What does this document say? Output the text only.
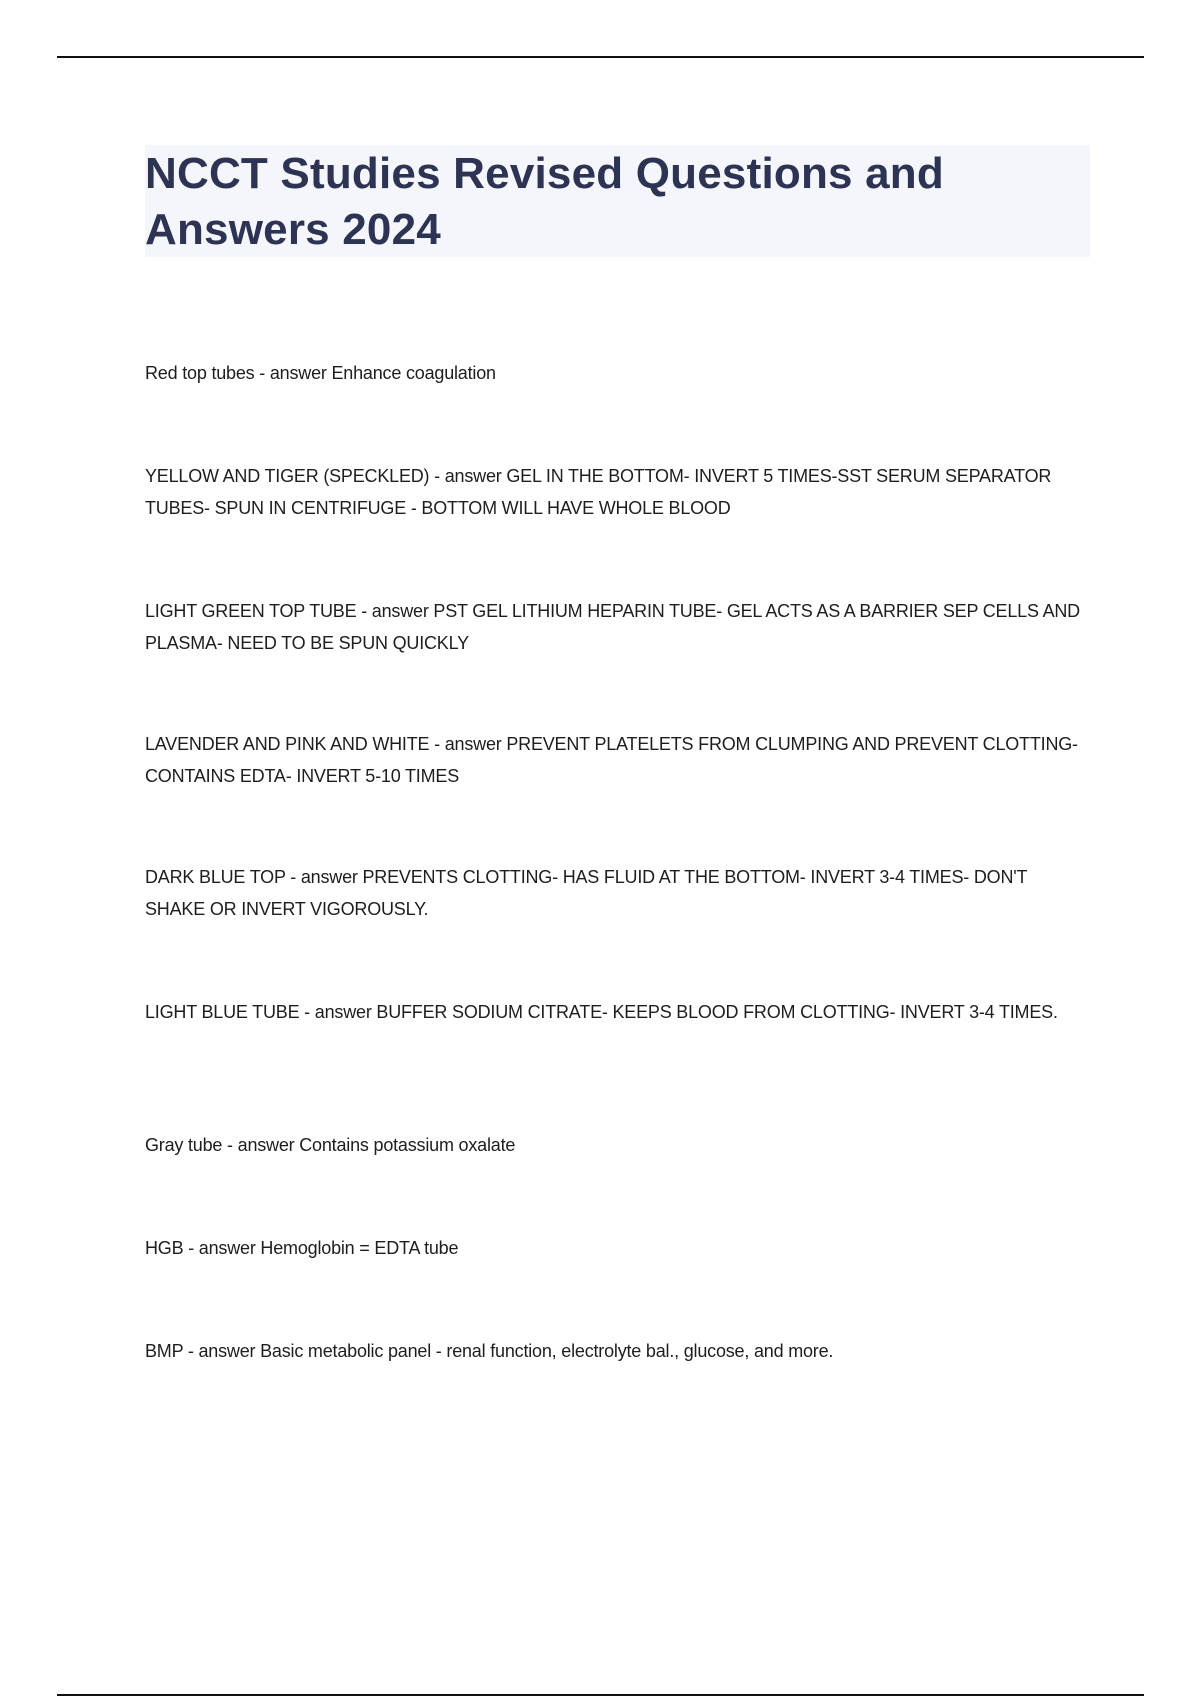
NCCT Studies Revised Questions and Answers 2024

Red top tubes - answer Enhance coagulation

YELLOW AND TIGER (SPECKLED) - answer GEL IN THE BOTTOM- INVERT 5 TIMES-SST SERUM SEPARATOR TUBES- SPUN IN CENTRIFUGE - BOTTOM WILL HAVE WHOLE BLOOD

LIGHT GREEN TOP TUBE - answer PST GEL LITHIUM HEPARIN TUBE- GEL ACTS AS A BARRIER SEP CELLS AND PLASMA- NEED TO BE SPUN QUICKLY

LAVENDER AND PINK AND WHITE - answer PREVENT PLATELETS FROM CLUMPING AND PREVENT CLOTTING- CONTAINS EDTA- INVERT 5-10 TIMES

DARK BLUE TOP - answer PREVENTS CLOTTING- HAS FLUID AT THE BOTTOM- INVERT 3-4 TIMES- DON'T SHAKE OR INVERT VIGOROUSLY.

LIGHT BLUE TUBE - answer BUFFER SODIUM CITRATE- KEEPS BLOOD FROM CLOTTING- INVERT 3-4 TIMES.

Gray tube - answer Contains potassium oxalate

HGB - answer Hemoglobin = EDTA tube

BMP - answer Basic metabolic panel - renal function, electrolyte bal., glucose, and more.
